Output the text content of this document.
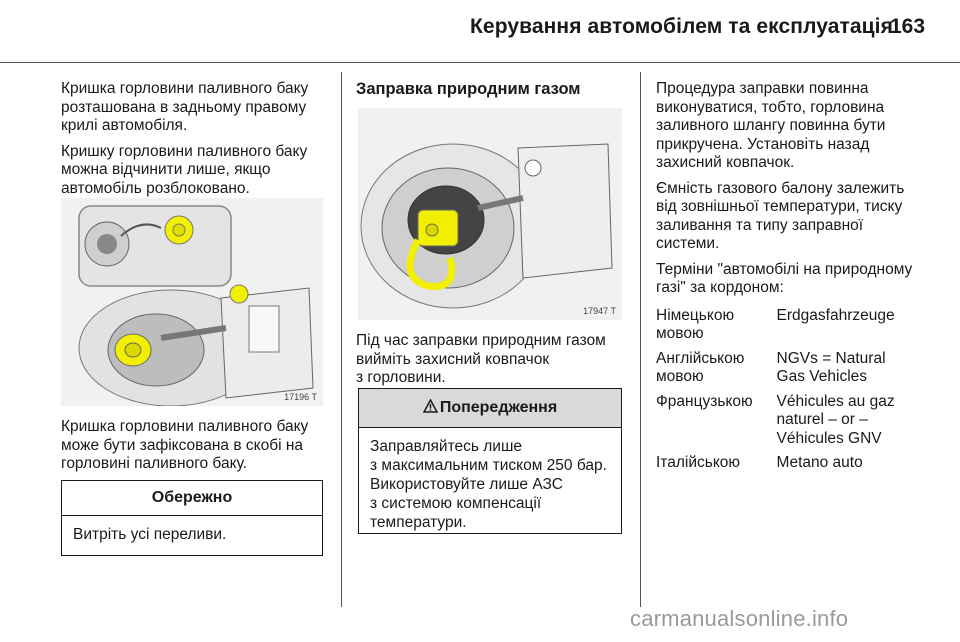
Керування автомобілем та експлуатація
163

Кришка горловини паливного баку
розташована в задньому правому
крилі автомобіля.

Кришку горловини паливного баку
можна відчинити лише, якщо
автомобіль розблоковано.

17196 T

Кришка горловини паливного баку
може бути зафіксована в скобі на
горловині паливного баку.

Обережно
Витріть усі переливи.
Заправка природним газом
17947 T

Під час заправки природним газом
вийміть захисний ковпачок
з горловини.

Попередження
Заправляйтесь лише
з максимальним тиском 250 бар.
Використовуйте лише АЗС
з системою компенсації
температури.

Процедура заправки повинна
виконуватися, тобто, горловина
заливного шлангу повинна бути
прикручена. Установіть назад
захисний ковпачок.

Ємність газового балону залежить
від зовнішньої температури, тиску
заливання та типу заправної
системи.

Терміни "автомобілі на природному
газі" за кордоном:

Німецькою
мовою
Erdgasfahrzeuge
Англійською
мовою
NGVs = Natural
Gas Vehicles
Французькою	Véhicules au gaz
naturel – or –
Véhicules GNV
Італійською	Metano auto
carmanualsonline.info
